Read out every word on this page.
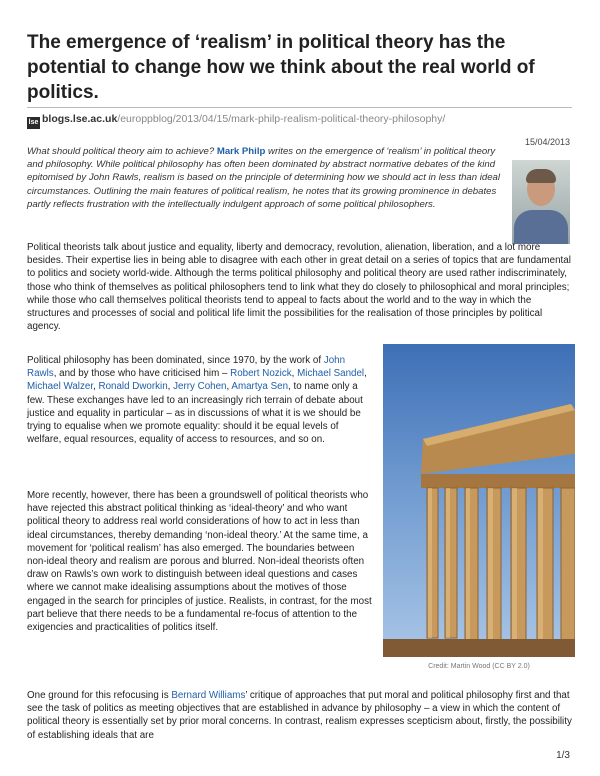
The emergence of ‘realism’ in political theory has the potential to change how we think about the real world of politics.
lse blogs.lse.ac.uk/europpblog/2013/04/15/mark-philp-realism-political-theory-philosophy/
15/04/2013
What should political theory aim to achieve? Mark Philp writes on the emergence of ‘realism’ in political theory and philosophy. While political philosophy has often been dominated by abstract normative debates of the kind epitomised by John Rawls, realism is based on the principle of determining how we should act in less than ideal circumstances. Outlining the main features of political realism, he notes that its growing prominence in debates partly reflects frustration with the intellectually indulgent approach of some political philosophers.
Political theorists talk about justice and equality, liberty and democracy, revolution, alienation, liberation, and a lot more besides. Their expertise lies in being able to disagree with each other in great detail on a series of topics that are fundamental to politics and society world-wide. Although the terms political philosophy and political theory are used rather indiscriminately, those who think of themselves as political philosophers tend to link what they do closely to philosophical and moral principles; while those who call themselves political theorists tend to appeal to facts about the world and to the way in which the structures and processes of social and political life limit the possibilities for the realisation of those principles by political agency.
Political philosophy has been dominated, since 1970, by the work of John Rawls, and by those who have criticised him – Robert Nozick, Michael Sandel, Michael Walzer, Ronald Dworkin, Jerry Cohen, Amartya Sen, to name only a few. These exchanges have led to an increasingly rich terrain of debate about justice and equality in particular – as in discussions of what it is we should be trying to equalise when we promote equality: should it be equal levels of welfare, equal resources, equality of access to resources, and so on.
More recently, however, there has been a groundswell of political theorists who have rejected this abstract political thinking as ‘ideal-theory’ and who want political theory to address real world considerations of how to act in less than ideal circumstances, thereby demanding ‘non-ideal theory.’ At the same time, a movement for ‘political realism’ has also emerged. The boundaries between non-ideal theory and realism are porous and blurred. Non-ideal theorists often draw on Rawls’s own work to distinguish between ideal questions and cases where we cannot make idealising assumptions about the motives of those engaged in the search for principles of justice. Realists, in contrast, for the most part believe that there needs to be a fundamental re-focus of attention to the exigencies and practicalities of politics itself.
Credit: Martin Wood (CC BY 2.0)
One ground for this refocusing is Bernard Williams’ critique of approaches that put moral and political philosophy first and that see the task of politics as meeting objectives that are established in advance by philosophy – a view in which the content of political theory is essentially set by prior moral concerns. In contrast, realism expresses scepticism about, firstly, the possibility of establishing ideals that are
1/3
